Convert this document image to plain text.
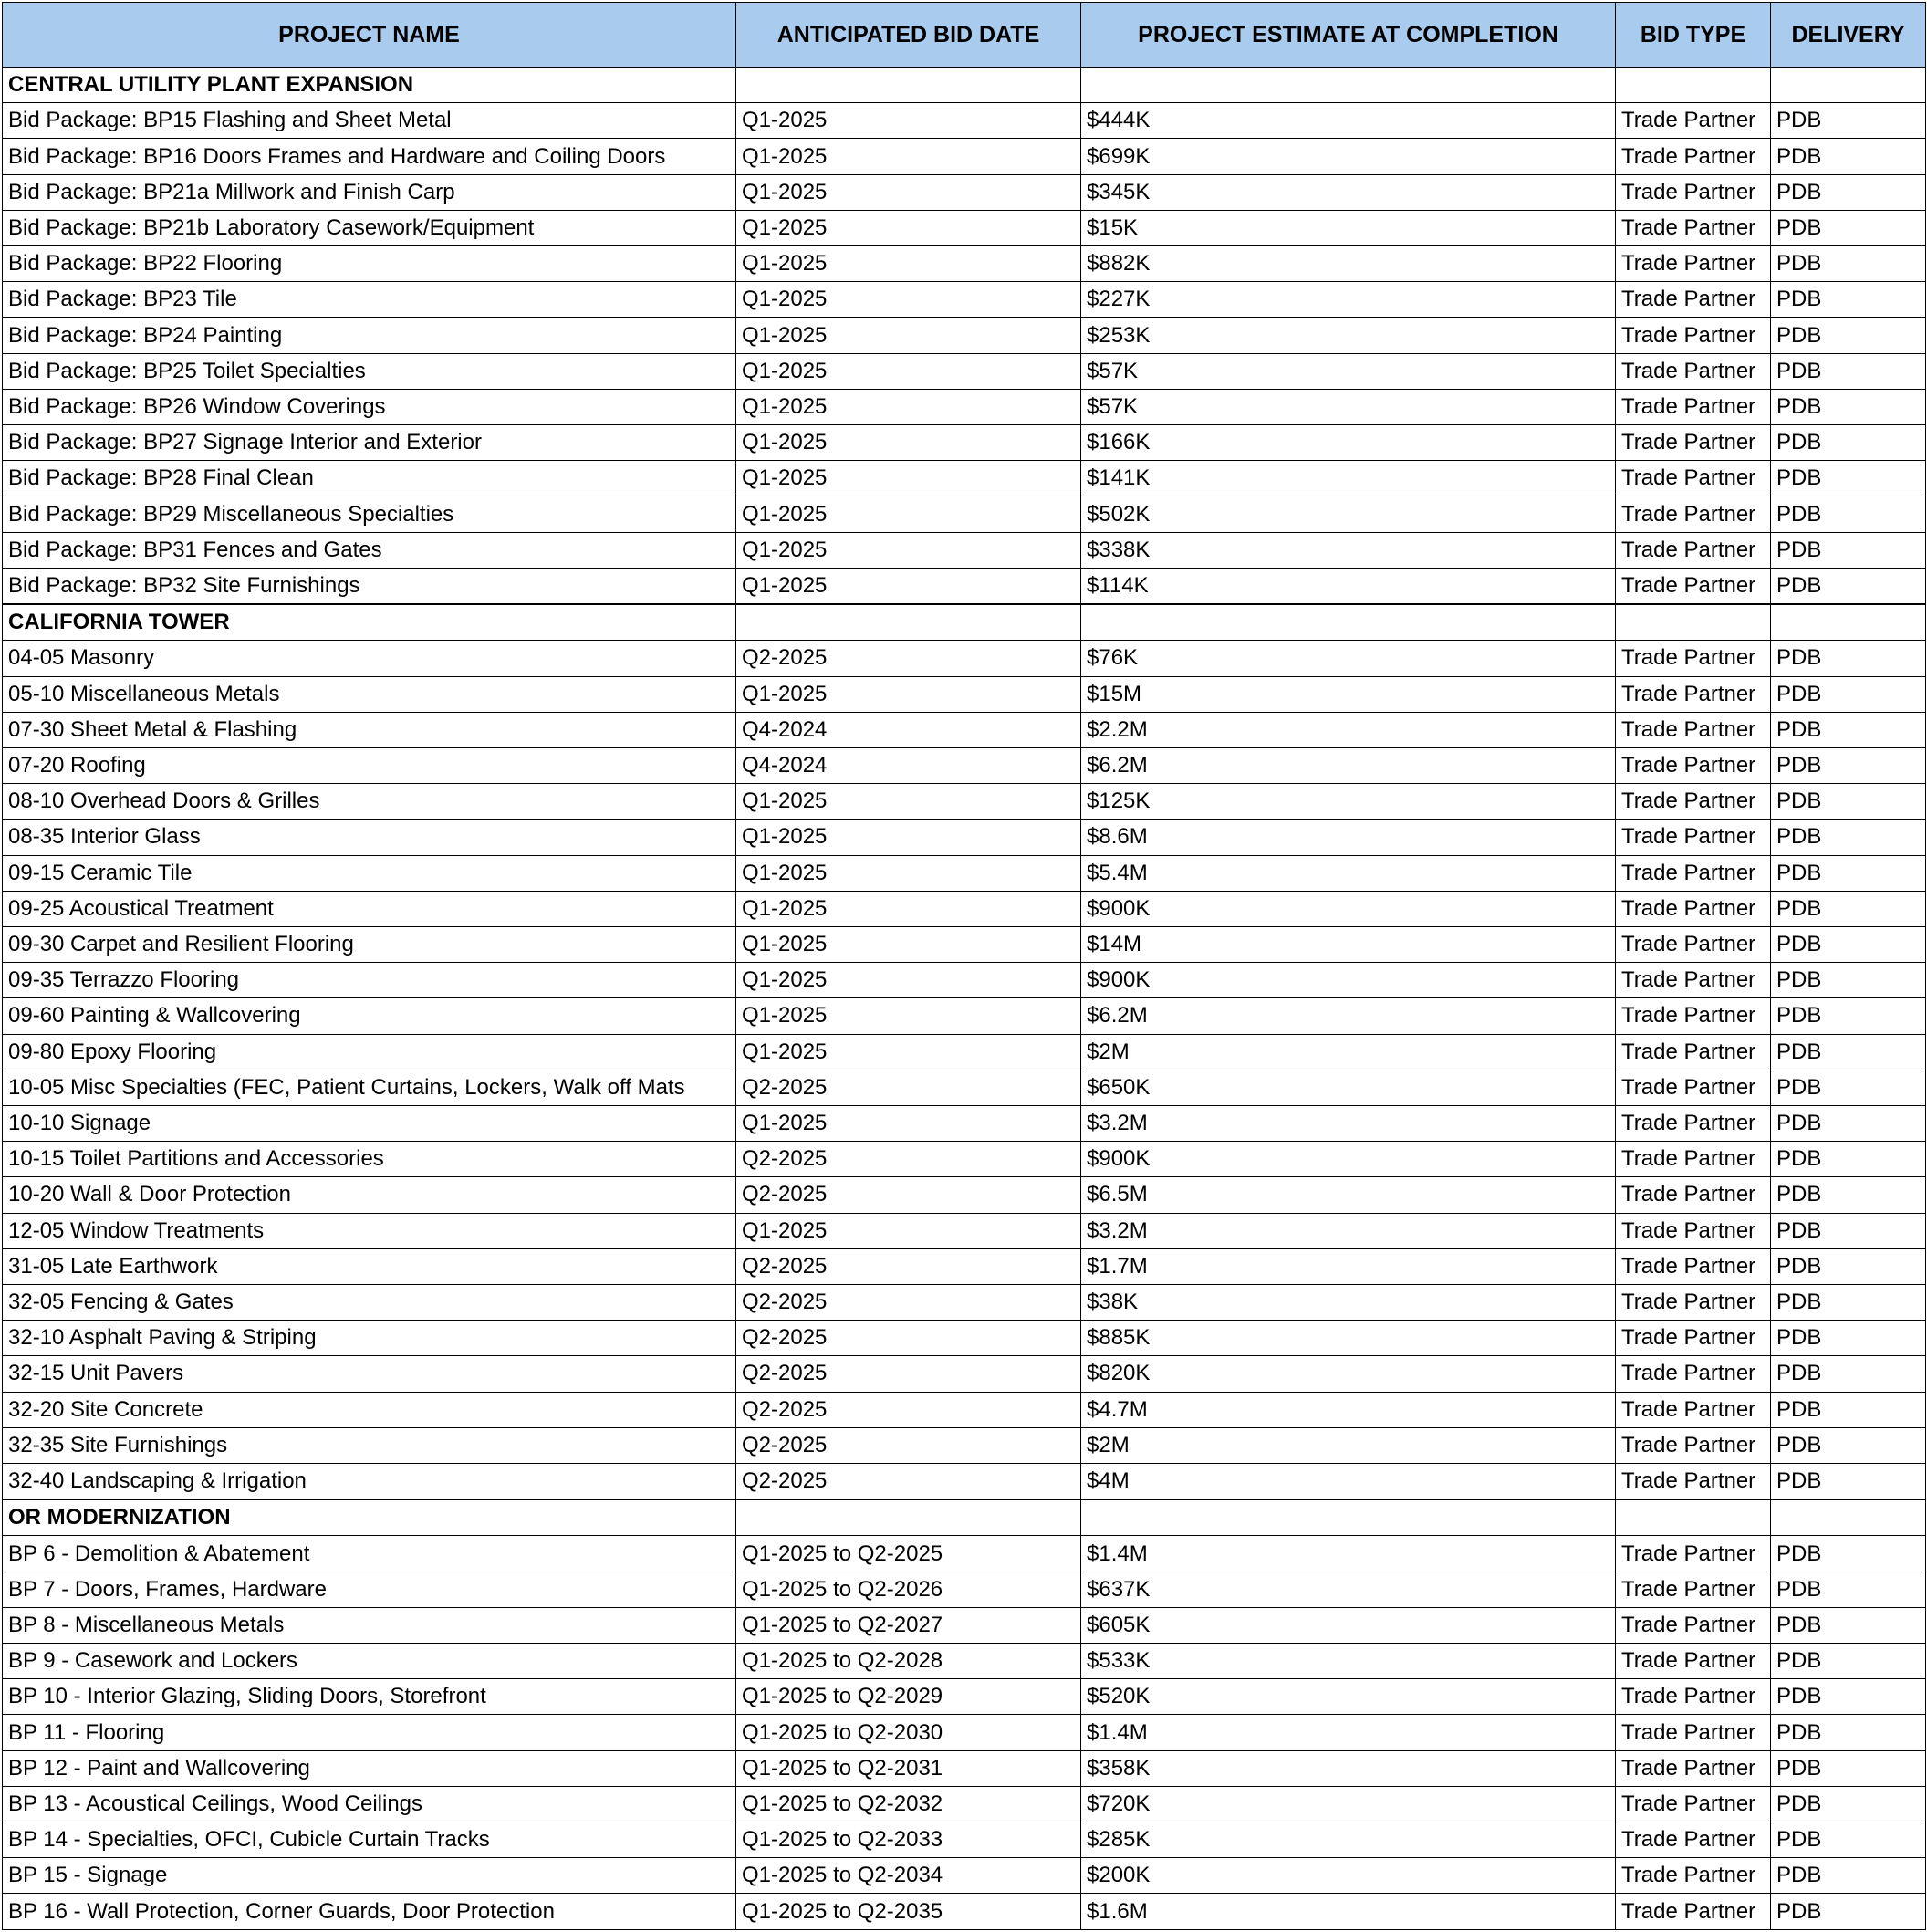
PROJECT NAME	ANTICIPATED BID DATE	PROJECT ESTIMATE AT COMPLETION	BID TYPE	DELIVERY
CENTRAL UTILITY PLANT EXPANSION				
Bid Package: BP15 Flashing and Sheet Metal	Q1-2025	$444K	Trade Partner	PDB
Bid Package: BP16 Doors Frames and Hardware and Coiling Doors	Q1-2025	$699K	Trade Partner	PDB
Bid Package: BP21a Millwork and Finish Carp	Q1-2025	$345K	Trade Partner	PDB
Bid Package: BP21b Laboratory Casework/Equipment	Q1-2025	$15K	Trade Partner	PDB
Bid Package: BP22 Flooring	Q1-2025	$882K	Trade Partner	PDB
Bid Package: BP23 Tile	Q1-2025	$227K	Trade Partner	PDB
Bid Package: BP24 Painting	Q1-2025	$253K	Trade Partner	PDB
Bid Package: BP25 Toilet Specialties	Q1-2025	$57K	Trade Partner	PDB
Bid Package: BP26 Window Coverings	Q1-2025	$57K	Trade Partner	PDB
Bid Package: BP27 Signage Interior and Exterior	Q1-2025	$166K	Trade Partner	PDB
Bid Package: BP28 Final Clean	Q1-2025	$141K	Trade Partner	PDB
Bid Package: BP29 Miscellaneous Specialties	Q1-2025	$502K	Trade Partner	PDB
Bid Package: BP31 Fences and Gates	Q1-2025	$338K	Trade Partner	PDB
Bid Package: BP32 Site Furnishings	Q1-2025	$114K	Trade Partner	PDB

CALIFORNIA TOWER				
04-05 Masonry	Q2-2025	$76K	Trade Partner	PDB
05-10 Miscellaneous Metals	Q1-2025	$15M	Trade Partner	PDB
07-30 Sheet Metal & Flashing	Q4-2024	$2.2M	Trade Partner	PDB
07-20 Roofing	Q4-2024	$6.2M	Trade Partner	PDB
08-10 Overhead Doors & Grilles	Q1-2025	$125K	Trade Partner	PDB
08-35 Interior Glass	Q1-2025	$8.6M	Trade Partner	PDB
09-15 Ceramic Tile	Q1-2025	$5.4M	Trade Partner	PDB
09-25 Acoustical Treatment	Q1-2025	$900K	Trade Partner	PDB
09-30 Carpet and Resilient Flooring	Q1-2025	$14M	Trade Partner	PDB
09-35 Terrazzo Flooring	Q1-2025	$900K	Trade Partner	PDB
09-60 Painting & Wallcovering	Q1-2025	$6.2M	Trade Partner	PDB
09-80 Epoxy Flooring	Q1-2025	$2M	Trade Partner	PDB
10-05 Misc Specialties (FEC, Patient Curtains, Lockers, Walk off Mats	Q2-2025	$650K	Trade Partner	PDB
10-10 Signage	Q1-2025	$3.2M	Trade Partner	PDB
10-15 Toilet Partitions and Accessories	Q2-2025	$900K	Trade Partner	PDB
10-20 Wall & Door Protection	Q2-2025	$6.5M	Trade Partner	PDB
12-05 Window Treatments	Q1-2025	$3.2M	Trade Partner	PDB
31-05 Late Earthwork	Q2-2025	$1.7M	Trade Partner	PDB
32-05 Fencing & Gates	Q2-2025	$38K	Trade Partner	PDB
32-10 Asphalt Paving & Striping	Q2-2025	$885K	Trade Partner	PDB
32-15 Unit Pavers	Q2-2025	$820K	Trade Partner	PDB
32-20 Site Concrete	Q2-2025	$4.7M	Trade Partner	PDB
32-35 Site Furnishings	Q2-2025	$2M	Trade Partner	PDB
32-40 Landscaping & Irrigation	Q2-2025	$4M	Trade Partner	PDB

OR MODERNIZATION				
BP 6 - Demolition & Abatement	Q1-2025 to Q2-2025	$1.4M	Trade Partner	PDB
BP 7 - Doors, Frames, Hardware	Q1-2025 to Q2-2026	$637K	Trade Partner	PDB
BP 8 - Miscellaneous Metals	Q1-2025 to Q2-2027	$605K	Trade Partner	PDB
BP 9 - Casework and Lockers	Q1-2025 to Q2-2028	$533K	Trade Partner	PDB
BP 10 - Interior Glazing, Sliding Doors, Storefront	Q1-2025 to Q2-2029	$520K	Trade Partner	PDB
BP 11 - Flooring	Q1-2025 to Q2-2030	$1.4M	Trade Partner	PDB
BP 12 - Paint and Wallcovering	Q1-2025 to Q2-2031	$358K	Trade Partner	PDB
BP 13 - Acoustical Ceilings, Wood Ceilings	Q1-2025 to Q2-2032	$720K	Trade Partner	PDB
BP 14 - Specialties, OFCI, Cubicle Curtain Tracks	Q1-2025 to Q2-2033	$285K	Trade Partner	PDB
BP 15 - Signage	Q1-2025 to Q2-2034	$200K	Trade Partner	PDB
BP 16 - Wall Protection, Corner Guards, Door Protection	Q1-2025 to Q2-2035	$1.6M	Trade Partner	PDB
